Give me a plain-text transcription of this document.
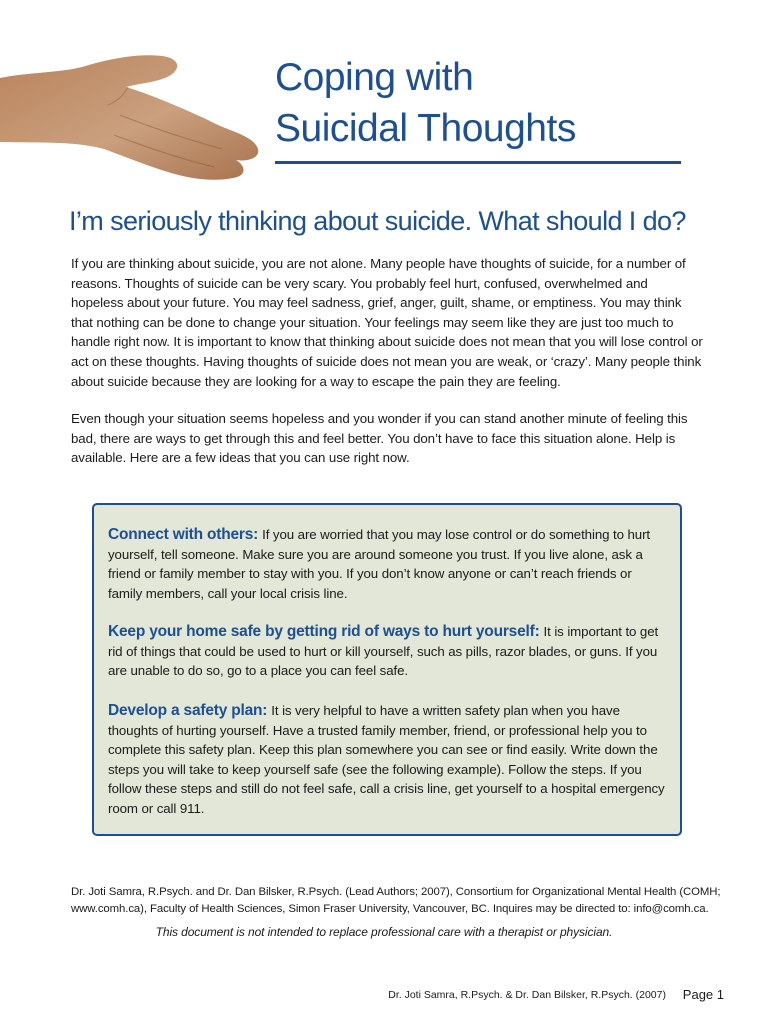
Coping with
Suicidal Thoughts
I’m seriously thinking about suicide. What should I do?

If you are thinking about suicide, you are not alone. Many people have thoughts of suicide, for a number of reasons. Thoughts of suicide can be very scary. You probably feel hurt, confused, overwhelmed and hopeless about your future. You may feel sadness, grief, anger, guilt, shame, or emptiness. You may think that nothing can be done to change your situation. Your feelings may seem like they are just too much to handle right now. It is important to know that thinking about suicide does not mean that you will lose control or act on these thoughts. Having thoughts of suicide does not mean you are weak, or ‘crazy’. Many people think about suicide because they are looking for a way to escape the pain they are feeling.

Even though your situation seems hopeless and you wonder if you can stand another minute of feeling this bad, there are ways to get through this and feel better. You don’t have to face this situation alone. Help is available. Here are a few ideas that you can use right now.

Connect with others: If you are worried that you may lose control or do something to hurt yourself, tell someone. Make sure you are around someone you trust. If you live alone, ask a friend or family member to stay with you. If you don’t know anyone or can’t reach friends or family members, call your local crisis line.

Keep your home safe by getting rid of ways to hurt yourself: It is important to get rid of things that could be used to hurt or kill yourself, such as pills, razor blades, or guns. If you are unable to do so, go to a place you can feel safe.

Develop a safety plan: It is very helpful to have a written safety plan when you have thoughts of hurting yourself. Have a trusted family member, friend, or professional help you to complete this safety plan. Keep this plan somewhere you can see or find easily. Write down the steps you will take to keep yourself safe (see the following example). Follow the steps. If you follow these steps and still do not feel safe, call a crisis line, get yourself to a hospital emergency room or call 911.

Dr. Joti Samra, R.Psych. and Dr. Dan Bilsker, R.Psych. (Lead Authors; 2007), Consortium for Organizational Mental Health (COMH; www.comh.ca), Faculty of Health Sciences, Simon Fraser University, Vancouver, BC. Inquires may be directed to: info@comh.ca.

This document is not intended to replace professional care with a therapist or physician.

Dr. Joti Samra, R.Psych. & Dr. Dan Bilsker, R.Psych. (2007) Page 1
